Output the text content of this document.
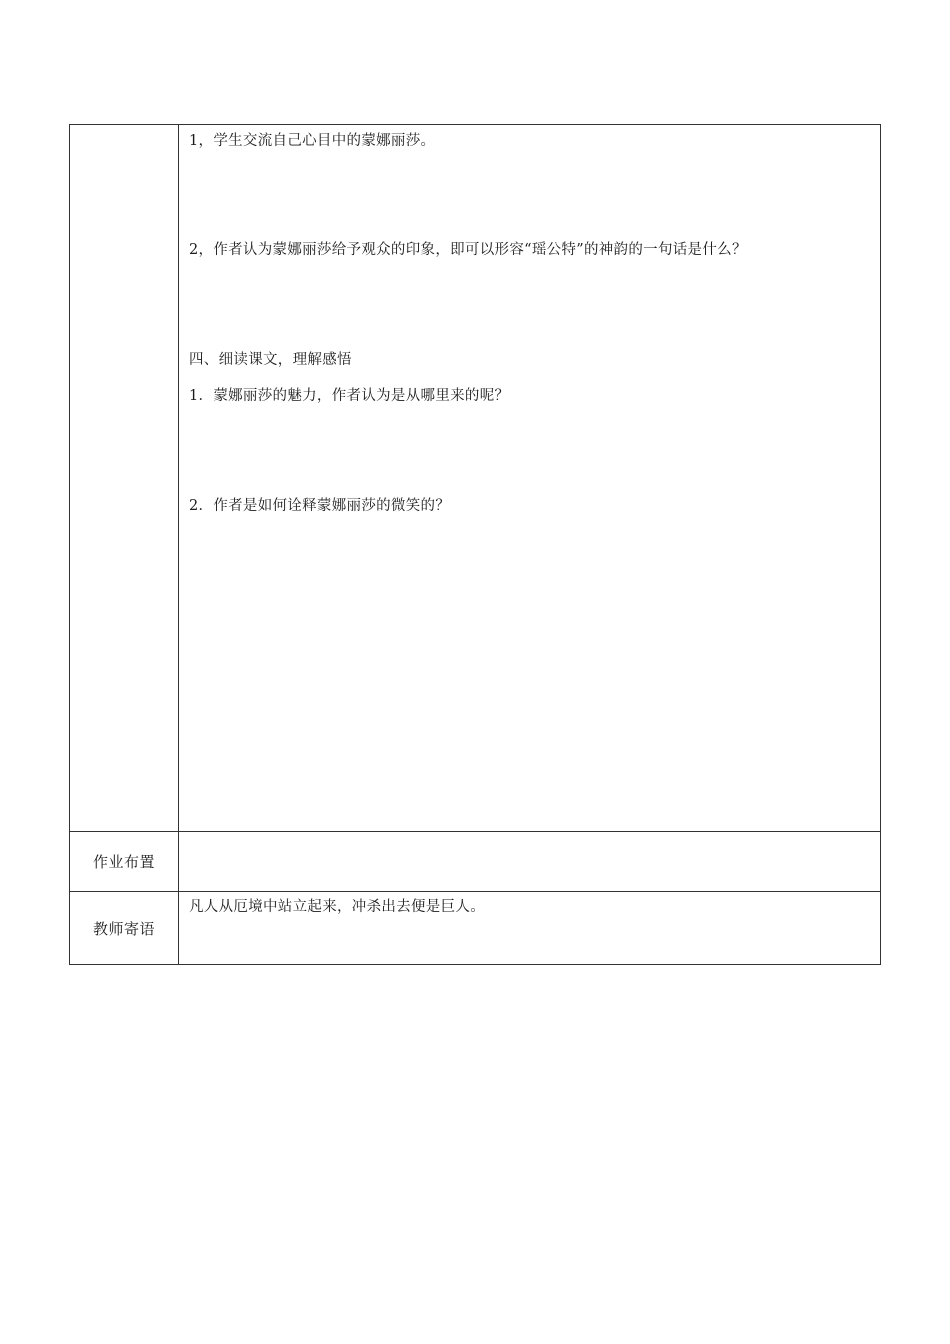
	1，学生交流自己心目中的蒙娜丽莎。
2，作者认为蒙娜丽莎给予观众的印象，即可以形容“瑶公特”的神韵的一句话是什么？
四、细读课文，理解感悟
1．蒙娜丽莎的魅力，作者认为是从哪里来的呢？
2．作者是如何诠释蒙娜丽莎的微笑的？

作业布置	
教师寄语	凡人从厄境中站立起来，冲杀出去便是巨人。
